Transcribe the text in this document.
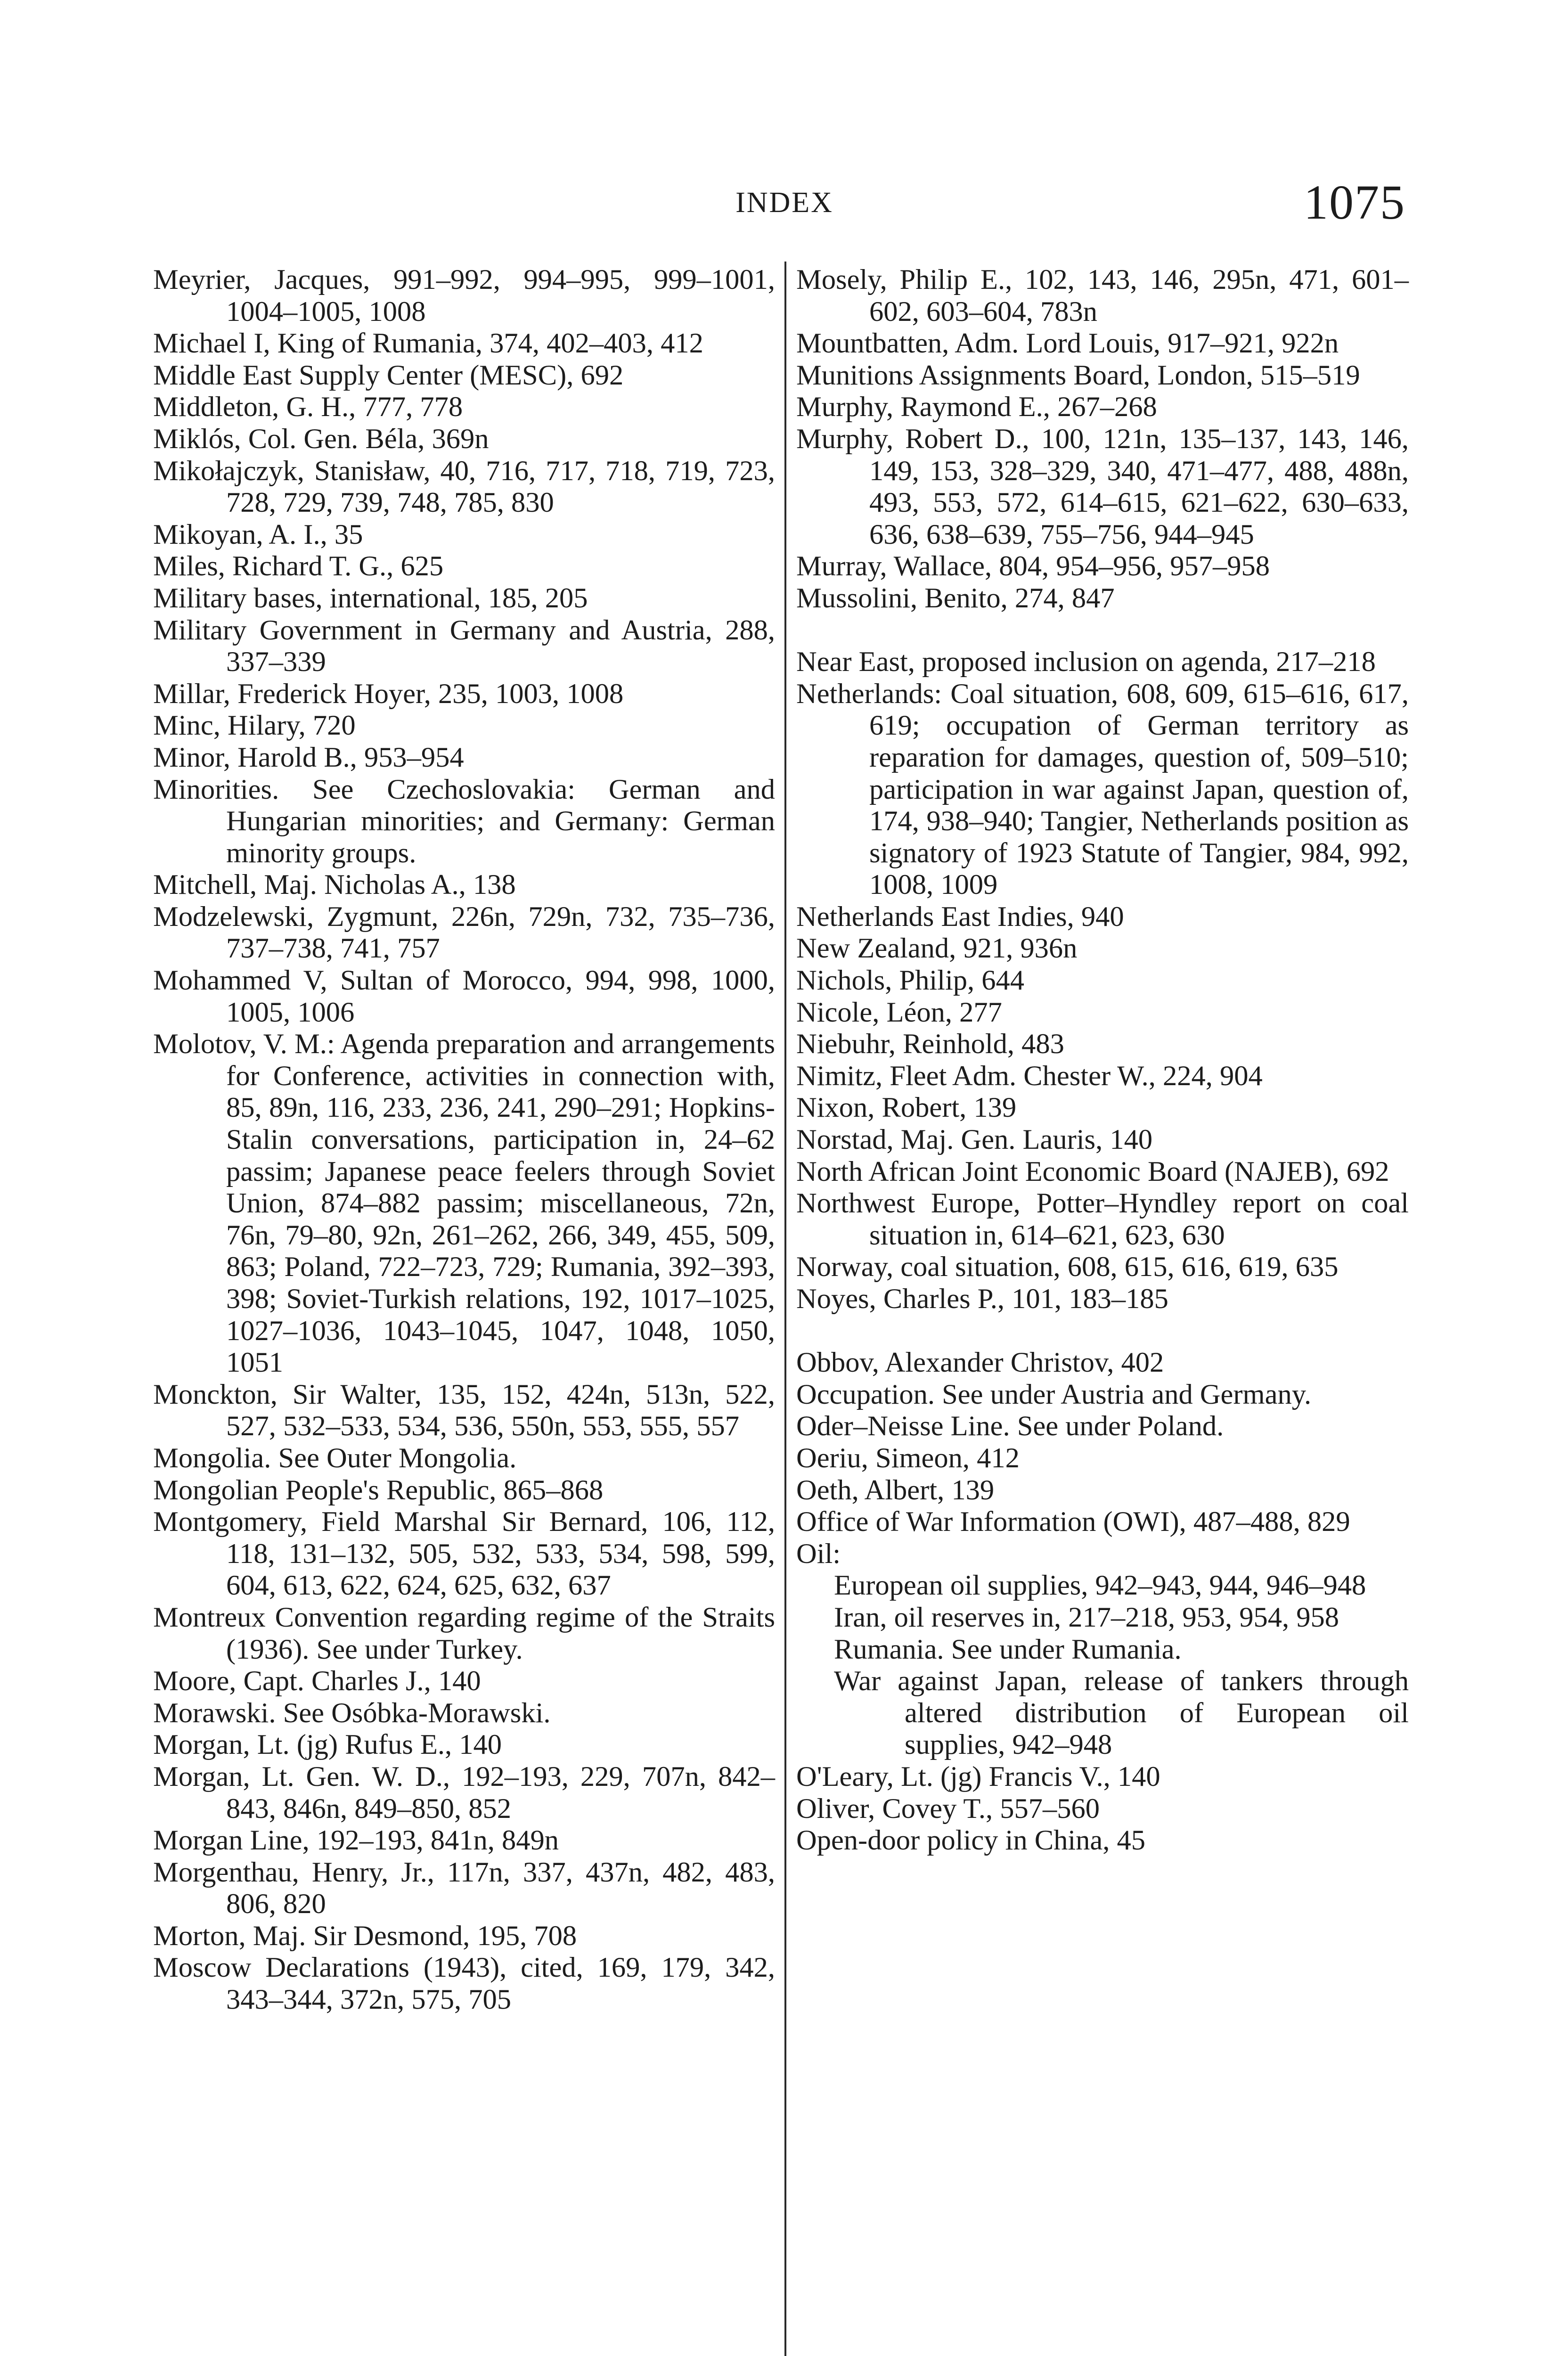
INDEX	1075
Meyrier, Jacques, 991–992, 994–995, 999–1001, 1004–1005, 1008
Michael I, King of Rumania, 374, 402–403, 412
Middle East Supply Center (MESC), 692
Middleton, G. H., 777, 778
Miklós, Col. Gen. Béla, 369n
Mikołajczyk, Stanisław, 40, 716, 717, 718, 719, 723, 728, 729, 739, 748, 785, 830
Mikoyan, A. I., 35
Miles, Richard T. G., 625
Military bases, international, 185, 205
Military Government in Germany and Austria, 288, 337–339
Millar, Frederick Hoyer, 235, 1003, 1008
Minc, Hilary, 720
Minor, Harold B., 953–954
Minorities. See Czechoslovakia: German and Hungarian minorities; and Germany: German minority groups.
Mitchell, Maj. Nicholas A., 138
Modzelewski, Zygmunt, 226n, 729n, 732, 735–736, 737–738, 741, 757
Mohammed V, Sultan of Morocco, 994, 998, 1000, 1005, 1006
Molotov, V. M.: Agenda preparation and arrangements for Conference, activities in connection with, 85, 89n, 116, 233, 236, 241, 290–291; Hopkins-Stalin conversations, participation in, 24–62 passim; Japanese peace feelers through Soviet Union, 874–882 passim; miscellaneous, 72n, 76n, 79–80, 92n, 261–262, 266, 349, 455, 509, 863; Poland, 722–723, 729; Rumania, 392–393, 398; Soviet-Turkish relations, 192, 1017–1025, 1027–1036, 1043–1045, 1047, 1048, 1050, 1051
Monckton, Sir Walter, 135, 152, 424n, 513n, 522, 527, 532–533, 534, 536, 550n, 553, 555, 557
Mongolia. See Outer Mongolia.
Mongolian People's Republic, 865–868
Montgomery, Field Marshal Sir Bernard, 106, 112, 118, 131–132, 505, 532, 533, 534, 598, 599, 604, 613, 622, 624, 625, 632, 637
Montreux Convention regarding regime of the Straits (1936). See under Turkey.
Moore, Capt. Charles J., 140
Morawski. See Osóbka-Morawski.
Morgan, Lt. (jg) Rufus E., 140
Morgan, Lt. Gen. W. D., 192–193, 229, 707n, 842–843, 846n, 849–850, 852
Morgan Line, 192–193, 841n, 849n
Morgenthau, Henry, Jr., 117n, 337, 437n, 482, 483, 806, 820
Morton, Maj. Sir Desmond, 195, 708
Moscow Declarations (1943), cited, 169, 179, 342, 343–344, 372n, 575, 705
Mosely, Philip E., 102, 143, 146, 295n, 471, 601–602, 603–604, 783n
Mountbatten, Adm. Lord Louis, 917–921, 922n
Munitions Assignments Board, London, 515–519
Murphy, Raymond E., 267–268
Murphy, Robert D., 100, 121n, 135–137, 143, 146, 149, 153, 328–329, 340, 471–477, 488, 488n, 493, 553, 572, 614–615, 621–622, 630–633, 636, 638–639, 755–756, 944–945
Murray, Wallace, 804, 954–956, 957–958
Mussolini, Benito, 274, 847
Near East, proposed inclusion on agenda, 217–218
Netherlands: Coal situation, 608, 609, 615–616, 617, 619; occupation of German territory as reparation for damages, question of, 509–510; participation in war against Japan, question of, 174, 938–940; Tangier, Netherlands position as signatory of 1923 Statute of Tangier, 984, 992, 1008, 1009
Netherlands East Indies, 940
New Zealand, 921, 936n
Nichols, Philip, 644
Nicole, Léon, 277
Niebuhr, Reinhold, 483
Nimitz, Fleet Adm. Chester W., 224, 904
Nixon, Robert, 139
Norstad, Maj. Gen. Lauris, 140
North African Joint Economic Board (NAJEB), 692
Northwest Europe, Potter–Hyndley report on coal situation in, 614–621, 623, 630
Norway, coal situation, 608, 615, 616, 619, 635
Noyes, Charles P., 101, 183–185
Obbov, Alexander Christov, 402
Occupation. See under Austria and Germany.
Oder–Neisse Line. See under Poland.
Oeriu, Simeon, 412
Oeth, Albert, 139
Office of War Information (OWI), 487–488, 829
Oil:
European oil supplies, 942–943, 944, 946–948
Iran, oil reserves in, 217–218, 953, 954, 958
Rumania. See under Rumania.
War against Japan, release of tankers through altered distribution of European oil supplies, 942–948
O'Leary, Lt. (jg) Francis V., 140
Oliver, Covey T., 557–560
Open-door policy in China, 45
